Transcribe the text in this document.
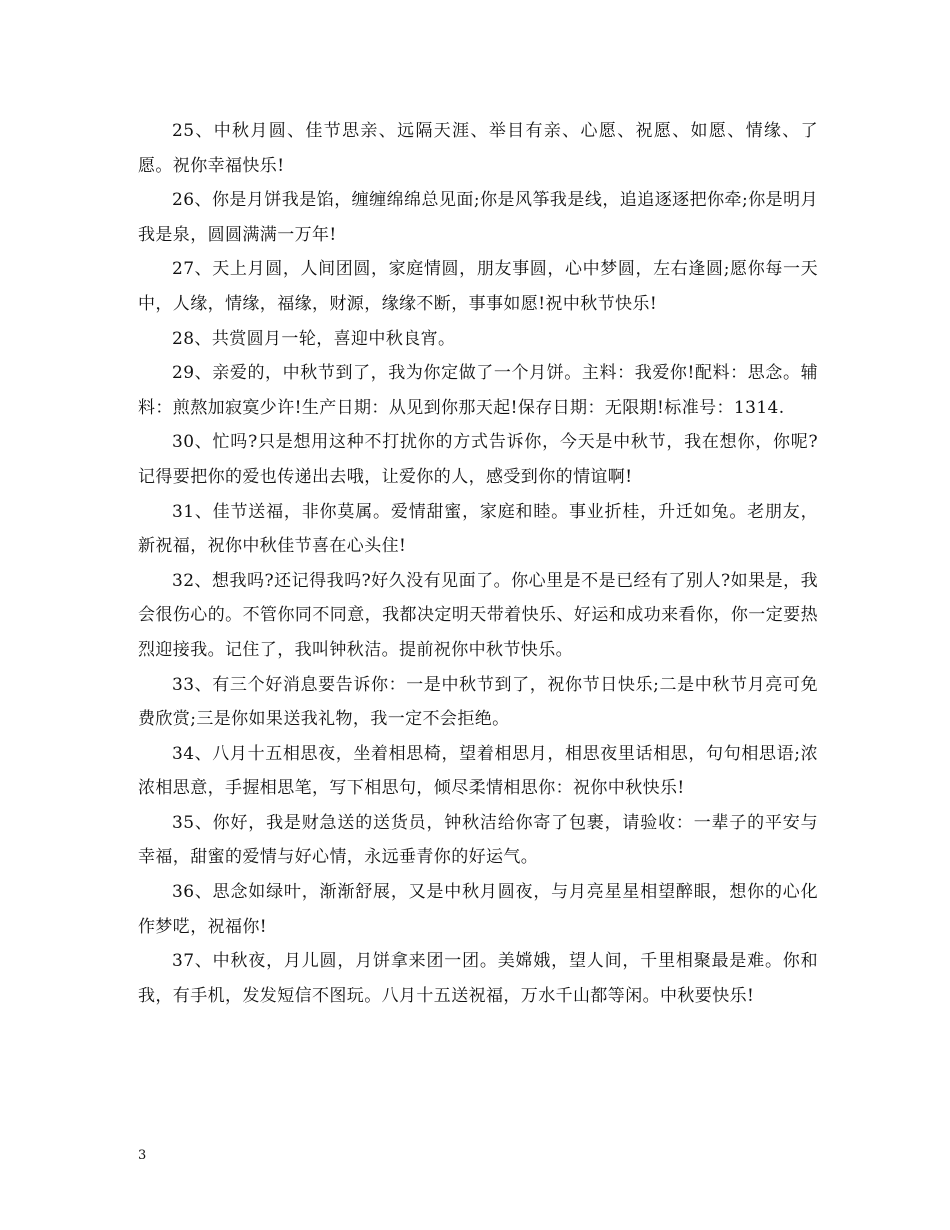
25、中秋月圆、佳节思亲、远隔天涯、举目有亲、心愿、祝愿、如愿、情缘、了愿。祝你幸福快乐!

26、你是月饼我是馅，缠缠绵绵总见面;你是风筝我是线，追追逐逐把你牵;你是明月我是泉，圆圆满满一万年!

27、天上月圆，人间团圆，家庭情圆，朋友事圆，心中梦圆，左右逢圆;愿你每一天中，人缘，情缘，福缘，财源，缘缘不断，事事如愿!祝中秋节快乐!

28、共赏圆月一轮，喜迎中秋良宵。

29、亲爱的，中秋节到了，我为你定做了一个月饼。主料：我爱你!配料：思念。辅料：煎熬加寂寞少许!生产日期：从见到你那天起!保存日期：无限期!标准号：1314.

30、忙吗?只是想用这种不打扰你的方式告诉你，今天是中秋节，我在想你，你呢?记得要把你的爱也传递出去哦，让爱你的人，感受到你的情谊啊!

31、佳节送福，非你莫属。爱情甜蜜，家庭和睦。事业折桂，升迁如兔。老朋友，新祝福，祝你中秋佳节喜在心头住!

32、想我吗?还记得我吗?好久没有见面了。你心里是不是已经有了别人?如果是，我会很伤心的。不管你同不同意，我都决定明天带着快乐、好运和成功来看你，你一定要热烈迎接我。记住了，我叫钟秋洁。提前祝你中秋节快乐。

33、有三个好消息要告诉你：一是中秋节到了，祝你节日快乐;二是中秋节月亮可免费欣赏;三是你如果送我礼物，我一定不会拒绝。

34、八月十五相思夜，坐着相思椅，望着相思月，相思夜里话相思，句句相思语;浓浓相思意，手握相思笔，写下相思句，倾尽柔情相思你：祝你中秋快乐!

35、你好，我是财急送的送货员，钟秋洁给你寄了包裹，请验收：一辈子的平安与幸福，甜蜜的爱情与好心情，永远垂青你的好运气。

36、思念如绿叶，渐渐舒展，又是中秋月圆夜，与月亮星星相望醉眼，想你的心化作梦呓，祝福你!

37、中秋夜，月儿圆，月饼拿来团一团。美嫦娥，望人间，千里相聚最是难。你和我，有手机，发发短信不图玩。八月十五送祝福，万水千山都等闲。中秋要快乐!

3
